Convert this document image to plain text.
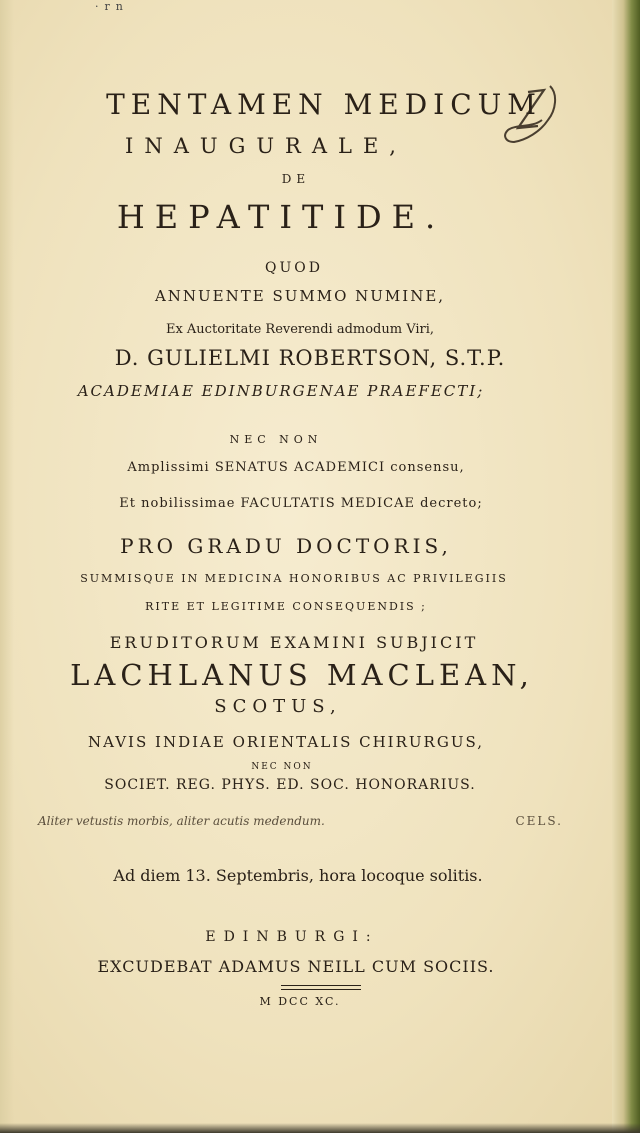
·rn
TENTAMEN MEDICUM
INAUGURALE,
DE
HEPATITIDE.
QUOD
ANNUENTE SUMMO NUMINE,
Ex Auctoritate Reverendi admodum Viri,
D. GULIELMI ROBERTSON, S.T.P.
ACADEMIAE EDINBURGENAE PRAEFECTI;
NEC NON
Amplissimi SENATUS ACADEMICI consensu,
Et nobilissimae FACULTATIS MEDICAE decreto;
PRO GRADU DOCTORIS,
SUMMISQUE IN MEDICINA HONORIBUS AC PRIVILEGIIS
RITE ET LEGITIME CONSEQUENDIS ;
ERUDITORUM EXAMINI SUBJICIT
LACHLANUS MACLEAN,
SCOTUS,
NAVIS INDIAE ORIENTALIS CHIRURGUS,
NEC NON
SOCIET. REG. PHYS. ED. SOC. HONORARIUS.
Aliter vetustis morbis, aliter acutis medendum.	CELS.
Ad diem 13. Septembris, hora locoque solitis.
EDINBURGI:
EXCUDEBAT ADAMUS NEILL CUM SOCIIS.
M DCC XC.
